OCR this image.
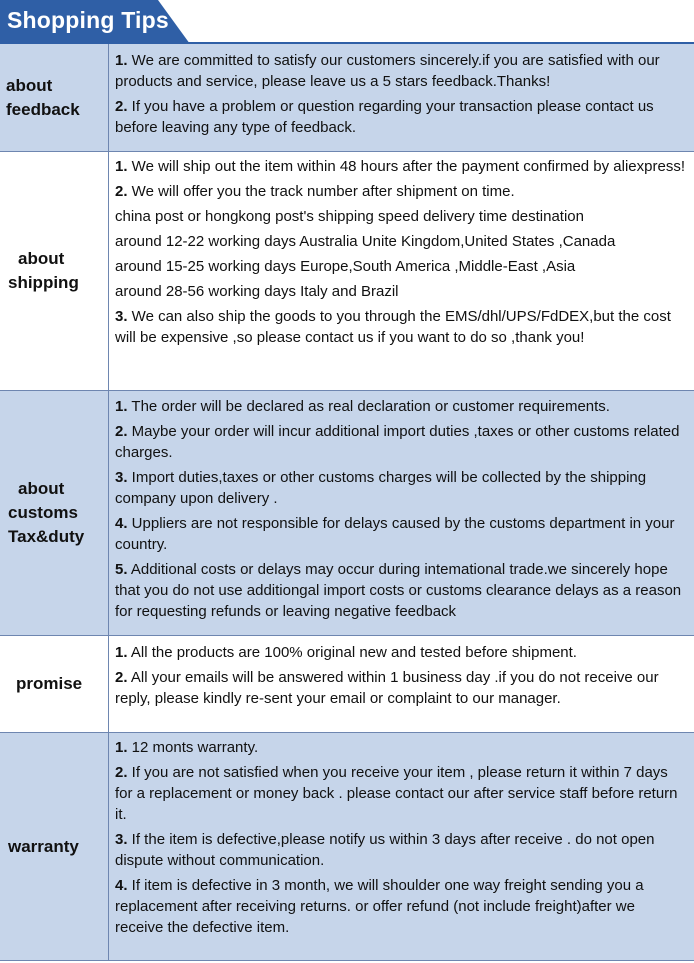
Shopping Tips
about
feedback

1. We are committed to satisfy our customers sincerely.if you are satisfied with our products and service, please leave us a 5 stars feedback.Thanks!

2. If you have a problem or question regarding your transaction please contact us before leaving any type of feedback.

about
shipping

1. We will ship out the item within 48 hours after the payment confirmed by aliexpress!

2. We will offer you the track number after shipment on time.

china post or hongkong post's shipping speed delivery time destination

around 12-22 working days Australia Unite Kingdom,United States ,Canada

around 15-25 working days Europe,South America ,Middle-East ,Asia

around 28-56 working days Italy and Brazil

3. We can also ship the goods to you through the EMS/dhl/UPS/FdDEX,but the cost will be expensive ,so please contact us if you want to do so ,thank you!

about
customs
Tax&duty

1. The order will be declared as real declaration or customer requirements.

2. Maybe your order will incur additional import duties ,taxes or other customs related charges.

3. Import duties,taxes or other customs charges will be collected by the shipping company upon delivery .

4. Uppliers are not responsible for delays caused by the customs department in your country.

5. Additional costs or delays may occur during intemational trade.we sincerely hope that you do not use additiongal import costs or customs clearance delays as a reason for requesting refunds or leaving negative feedback

promise

1. All the products are 100% original new and tested before shipment.

2. All your emails will be answered within 1 business day .if you do not receive our reply, please kindly re-sent your email or complaint to our manager.

warranty

1. 12 monts warranty.

2. If you are not satisfied when you receive your item , please return it within 7 days for a replacement or money back . please contact our after service staff before return it.

3. If the item is defective,please notify us within 3 days after receive . do not open dispute without communication.

4. If item is defective in 3 month, we will shoulder one way freight sending you a replacement after receiving returns. or offer refund (not include freight)after we receive the defective item.
